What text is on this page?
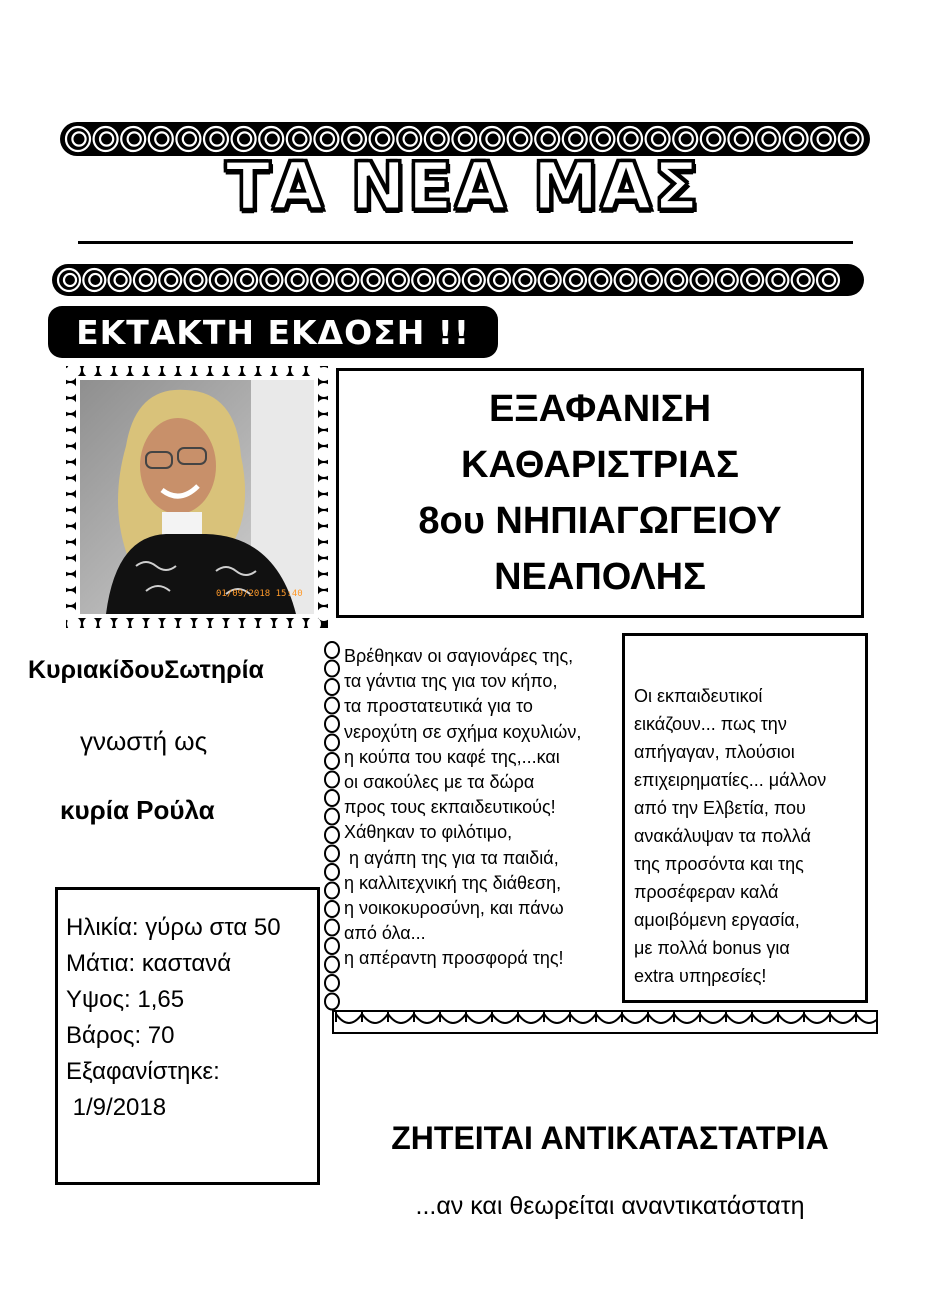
ΤΑ ΝΕΑ ΜΑΣ
ΕΚΤΑΚΤΗ ΕΚΔΟΣΗ !!
01/09/2018 15:40
ΕΞΑΦΑΝΙΣΗ
ΚΑΘΑΡΙΣΤΡΙΑΣ
8ου ΝΗΠΙΑΓΩΓΕΙΟΥ
ΝΕΑΠΟΛΗΣ
ΚυριακίδουΣωτηρία
γνωστή ως
κυρία Ρούλα
Ηλικία: γύρω στα 50
Μάτια: καστανά
Υψος: 1,65
Βάρος: 70
Εξαφανίστηκε:
1/9/2018
Βρέθηκαν οι σαγιονάρες της,
τα γάντια της για τον κήπο,
τα προστατευτικά για το
νεροχύτη σε σχήμα κοχυλιών,
η κούπα του καφέ της,...και
οι σακούλες με τα δώρα
προς τους εκπαιδευτικούς!
Χάθηκαν το φιλότιμο,
η αγάπη της για τα παιδιά,
η καλλιτεχνική της διάθεση,
η νοικοκυροσύνη, και πάνω
από όλα...
η απέραντη προσφορά της!
Οι εκπαιδευτικοί
εικάζουν... πως την
απήγαγαν, πλούσιοι
επιχειρηματίες... μάλλον
από την Ελβετία, που
ανακάλυψαν τα πολλά
της προσόντα και της
προσέφεραν καλά
αμοιβόμενη εργασία,
με πολλά bonus για
extra υπηρεσίες!
ΖΗΤΕΙΤΑΙ ΑΝΤΙΚΑΤΑΣΤΑΤΡΙΑ
...αν και θεωρείται αναντικατάστατη
